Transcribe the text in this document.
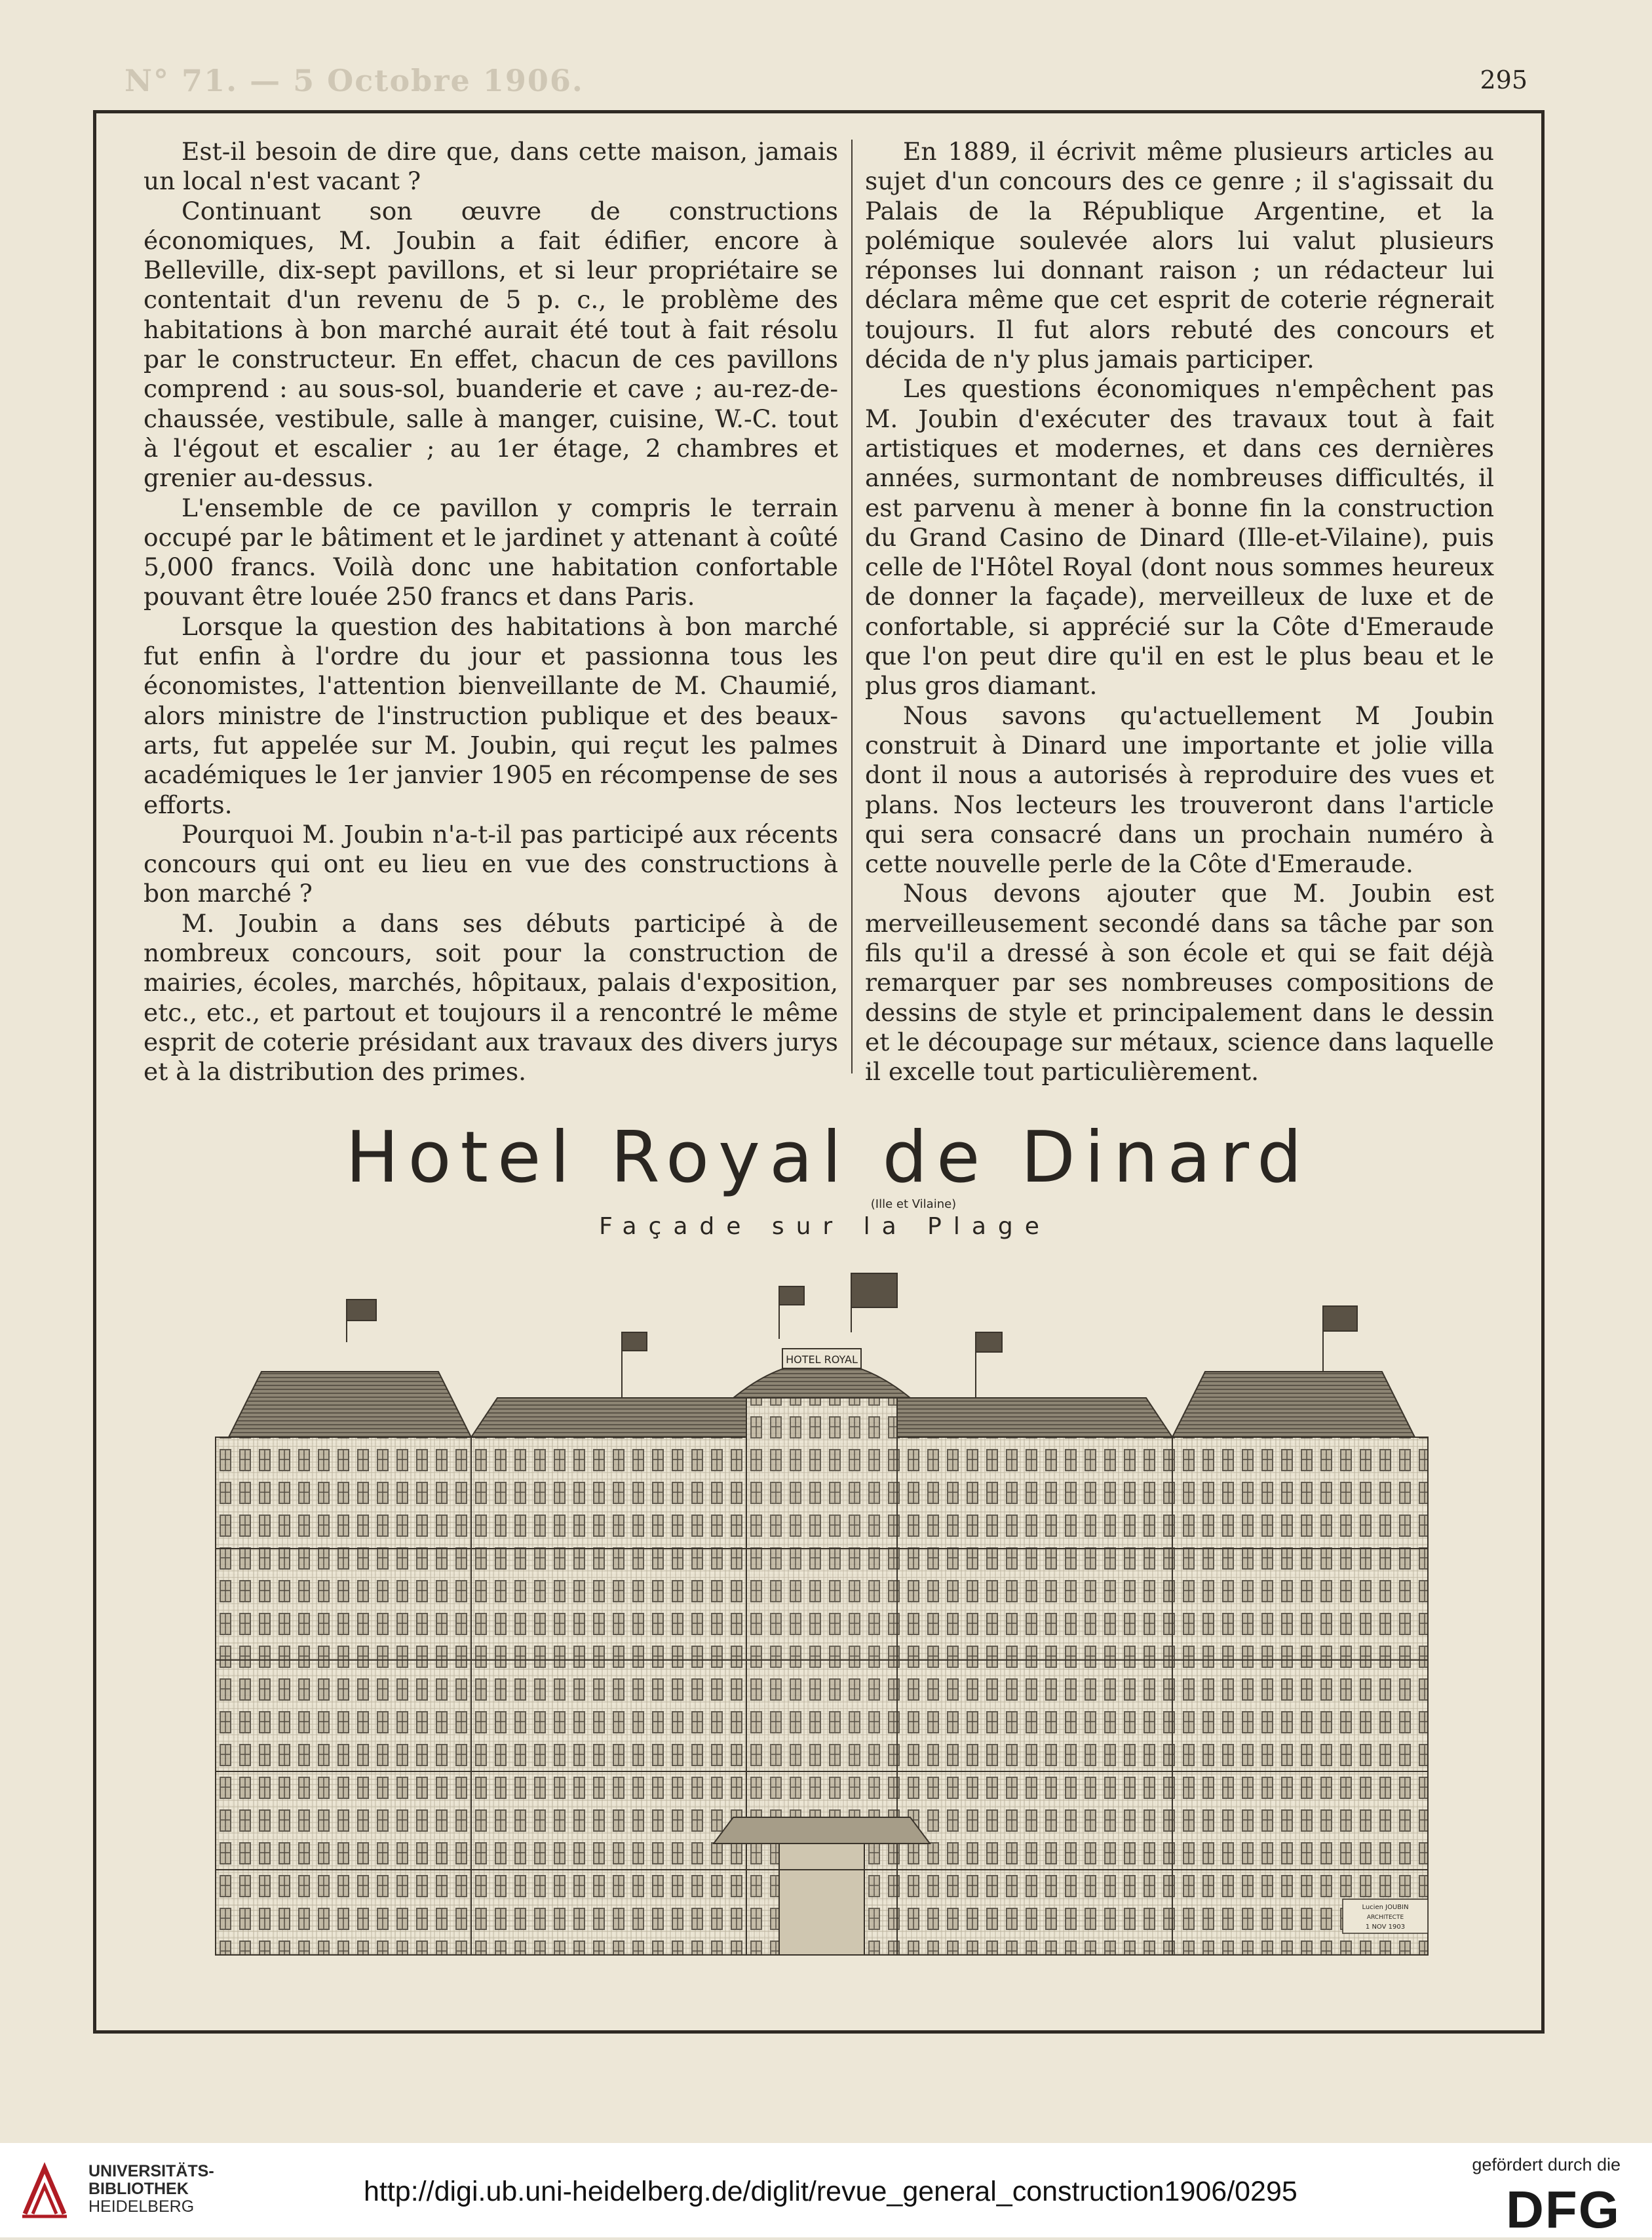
N° 71. — 5 Octobre 1906.	295

Est-il besoin de dire que, dans cette maison, jamais un local n'est vacant ?

Continuant son œuvre de constructions économiques, M. Joubin a fait édifier, encore à Belleville, dix-sept pavillons, et si leur propriétaire se contentait d'un revenu de 5 p. c., le problème des habitations à bon marché aurait été tout à fait résolu par le constructeur. En effet, chacun de ces pavillons comprend : au sous-sol, buanderie et cave ; au-rez-de-chaussée, vestibule, salle à manger, cuisine, W.-C. tout à l'égout et escalier ; au 1er étage, 2 chambres et grenier au-dessus.

L'ensemble de ce pavillon y compris le terrain occupé par le bâtiment et le jardinet y attenant à coûté 5,000 francs. Voilà donc une habitation confortable pouvant être louée 250 francs et dans Paris.

Lorsque la question des habitations à bon marché fut enfin à l'ordre du jour et passionna tous les économistes, l'attention bienveillante de M. Chaumié, alors ministre de l'instruction publique et des beaux-arts, fut appelée sur M. Joubin, qui reçut les palmes académiques le 1er janvier 1905 en récompense de ses efforts.

Pourquoi M. Joubin n'a-t-il pas participé aux récents concours qui ont eu lieu en vue des constructions à bon marché ?

M. Joubin a dans ses débuts participé à de nombreux concours, soit pour la construction de mairies, écoles, marchés, hôpitaux, palais d'exposition, etc., etc., et partout et toujours il a rencontré le même esprit de coterie présidant aux travaux des divers jurys et à la distribution des primes.

En 1889, il écrivit même plusieurs articles au sujet d'un concours des ce genre ; il s'agissait du Palais de la République Argentine, et la polémique soulevée alors lui valut plusieurs réponses lui donnant raison ; un rédacteur lui déclara même que cet esprit de coterie régnerait toujours. Il fut alors rebuté des concours et décida de n'y plus jamais participer.

Les questions économiques n'empêchent pas M. Joubin d'exécuter des travaux tout à fait artistiques et modernes, et dans ces dernières années, surmontant de nombreuses difficultés, il est parvenu à mener à bonne fin la construction du Grand Casino de Dinard (Ille-et-Vilaine), puis celle de l'Hôtel Royal (dont nous sommes heureux de donner la façade), merveilleux de luxe et de confortable, si apprécié sur la Côte d'Emeraude que l'on peut dire qu'il en est le plus beau et le plus gros diamant.

Nous savons qu'actuellement M Joubin construit à Dinard une importante et jolie villa dont il nous a autorisés à reproduire des vues et plans. Nos lecteurs les trouveront dans l'article qui sera consacré dans un prochain numéro à cette nouvelle perle de la Côte d'Emeraude.

Nous devons ajouter que M. Joubin est merveilleusement secondé dans sa tâche par son fils qu'il a dressé à son école et qui se fait déjà remarquer par ses nombreuses compositions de dessins de style et principalement dans le dessin et le découpage sur métaux, science dans laquelle il excelle tout particulièrement.

Hotel Royal de Dinard
(Ille et Vilaine)
Façade sur la Plage
HOTEL ROYAL
Lucien JOUBIN
ARCHITECTE
1 NOV 1903
UNIVERSITÄTS-
BIBLIOTHEK
HEIDELBERG	http://digi.ub.uni-heidelberg.de/diglit/revue_general_construction1906/0295
gefördert durch die
DFG
